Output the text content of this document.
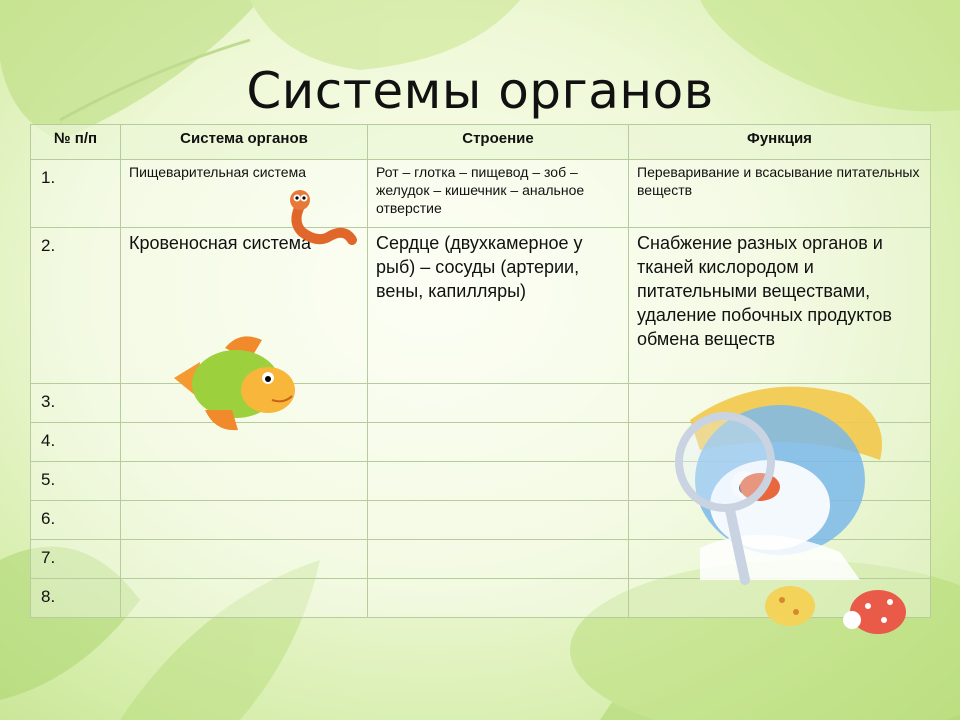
Системы органов
№ п/п	Система органов	Строение	Функция
1.	Пищеварительная система	Рот – глотка – пищевод – зоб – желудок – кишечник – анальное отверстие	Переваривание и всасывание питательных веществ
2.	Кровеносная система	Сердце (двухкамерное у рыб) – сосуды (артерии, вены, капилляры)	Снабжение разных органов и тканей кислородом и питательными веществами, удаление побочных продуктов обмена веществ
3.			
4.			
5.			
6.			
7.			
8.			
